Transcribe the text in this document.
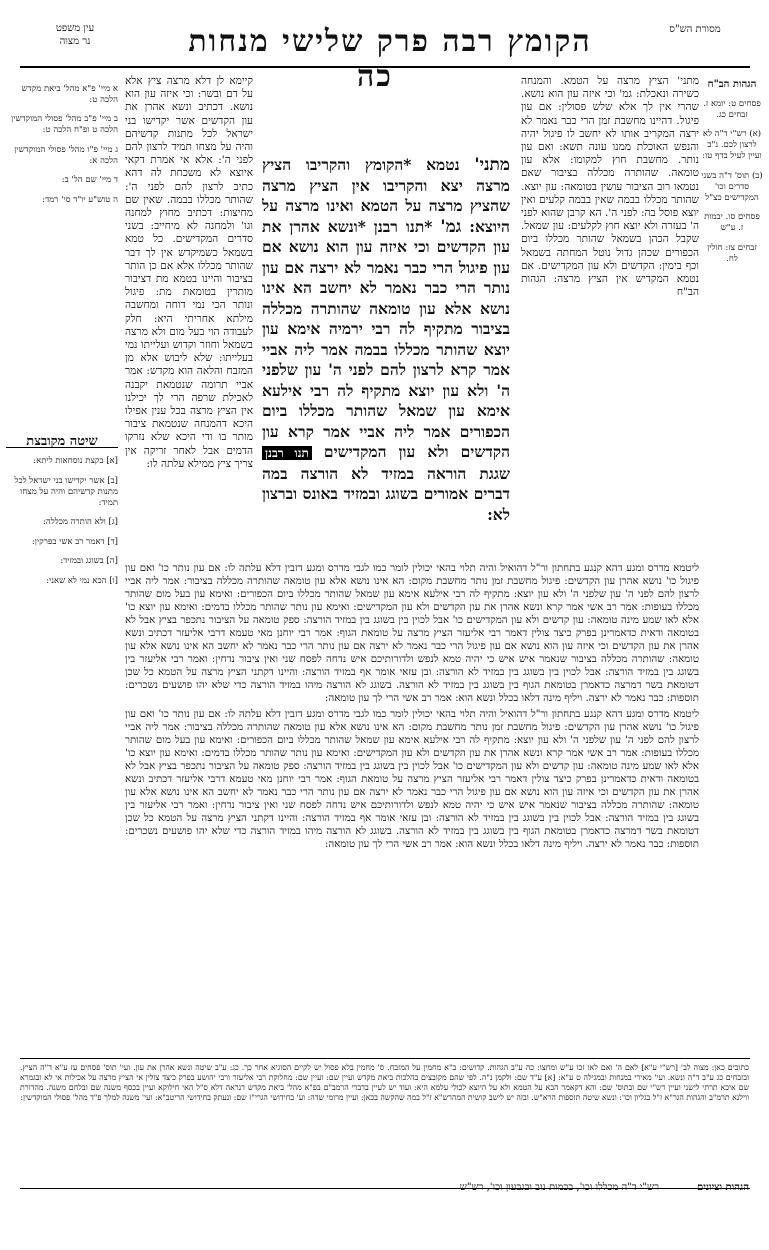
עין משפט
נר מצוה	הקומץ רבה פרק שלישי מנחות כה
מסורת הש"ס
הגהות הב"ח

פסחים ט: יומא ז. זבחים כג.

(א) רש"י ד"ה לא לרצון לכם. נ"ב ועיין לעיל בדף טו:

(ב) תוס' ד"ה בשני סדרים וכו' המקדישים כצ"ל

פסחים סו. יבמות ז. ע"ש

זבחים צז: חולין לח.

מתני' הציץ מרצה על הטמא. והמנחה כשירה ונאכלת: גמ' וכי איזה עון הוא נושא. שהרי אין לך אלא שלש פסולין: אם עון פיגול. דהיינו מחשבת זמן הרי כבר נאמר לא ירצה המקריב אותו לא יחשב לו פיגול יהיה והנפש האוכלת ממנו עונה תשא: ואם עון נותר. מחשבת חוץ למקומו: אלא עון טומאה. שהותרה מכללה בציבור שאם נטמאו רוב הציבור עושין בטומאה: עון יוצא. שהותר מכללו בבמה שאין בבמה קלעים ואין יוצא פוסל בה: לפני ה'. הא קרבן שהוא לפני ה' בעזרה ולא יוצא חוץ לקלעים: עון שמאל. שקבל הכהן בשמאל שהותר מכללו ביום הכפורים שכהן גדול נוטל המחתה בשמאל וכף בימין: הקדשים ולא עון המקדישים. אם נטמא המקדיש אין הציץ מרצה: הגהות הב"ח

מתני' נטמא *הקומץ והקריבו הציץ מרצה יצא והקריבו אין הציץ מרצה שהציץ מרצה על הטמא ואינו מרצה על היוצא: גמ' *תנו רבנן *ונשא אהרן את עון הקדשים וכי איזה עון הוא נושא אם עון פיגול הרי כבר נאמר לא ירצה אם עון נותר הרי כבר נאמר לא יחשב הא אינו נושא אלא עון טומאה שהותרה מכללה בציבור מתקיף לה רבי ירמיה אימא עון יוצא שהותר מכללו בבמה אמר ליה אביי אמר קרא לרצון להם לפני ה' עון שלפני ה' ולא עון יוצא מתקיף לה רבי אילעא אימא עון שמאל שהותר מכללו ביום הכפורים אמר ליה אביי אמר קרא עון הקדשים ולא עון המקדישים תנו רבנן שגגת הוראה במזיד לא הורצה במה דברים אמורים בשוגג ובמזיד באונס וברצון לא:

קיימא לן דלא מרצה ציץ אלא על דם ובשר: וכי איזה עון הוא נושא. דכתיב ונשא אהרן את עון הקדשים אשר יקדישו בני ישראל לכל מתנות קדשיהם והיה על מצחו תמיד לרצון להם לפני ה': אלא אי אמרת דקאי איוצא לא משכחת לה דהא כתיב לרצון להם לפני ה': שהותר מכללו בבמה. שאין שם מחיצות: דכתיב מחוץ למחנה וגו' ולמחנה לא מיחייב: בשני סדרים המקדישים. כל טמא בשמאל כשמיקדש אין לך דבר שהותר מכללו אלא אם כן הותר בציבור והיינו בטמא מת דציבור מותרין בטומאת מת: פיגול ונותר הכי נמי דוחה ומחשבה מילתא אחריתי היא: חלק לעבודה הוי בעל מום ולא מרצה בשמאל וחוזר וקדוש ועלייתו נמי בעלייתו: שלא ליבוש אלא מן המזבח והלאה הוא מקדש: אמר אביי תרומה שנטמאת יקבנה לאכילת שרפה הרי לך יכילנו אין הציץ מרצה בכל ענין אפילו היכא דהמנחה שנטמאת ציבור מותר בו ודי היכא שלא נזרקו הדמים אבל לאחר זריקה אין צריך ציץ ממילא עלתה לו:

א מיי' פ"א מהל' ביאת מקדש הלכה ט:

ב מיי' פ"ב מהל' פסולי המוקדשין הלכה ט ופ"ח הלכה ט:

ג מיי' פ"ו מהל' פסולי המוקדשין הלכה א:

ד מיי' שם הל' ב:

ה טוש"ע יו"ד סי' רמד:

שיטה מקובצת

[א] בקצת נוסחאות ליתא:

[ב] אשר יקדישו בני ישראל לכל מתנות קדשיהם והיה על מצחו תמיד:

[ג] ולא הותרה מכללה:

[ד] דאמר רב אשי בפרקין:

[ה] בשוגג ובמזיד:

[ו] הכא נמי לא שאני:

ליטמא מדרס ומגע דהא קנגע בתחתון ור"ל דהואיל והיה תלוי בהאי יכולין לומר כמו לגבי מדרס ומגע דזבין דלא עלתה לו: אם עון נותר כו' ואם עון פיגול כו' נושא אהרן עון הקדשים: פיגול מחשבת זמן נותר מחשבת מקום: הא אינו נושא אלא עון טומאה שהותרה מכללה בציבור: אמר ליה אביי לרצון להם לפני ה' עון שלפני ה' ולא עון יוצא: מתקיף לה רבי אילעא אימא עון שמאל שהותר מכללו ביום הכפורים: ואימא עון בעל מום שהותר מכללו בעופות: אמר רב אשי אמר קרא ונשא אהרן את עון הקדשים ולא עון המקדישים: ואימא עון נותר שהותר מכללו בדמים: ואימא עון יוצא כו' אלא לאו שמע מינה טומאה: עון קדשים ולא עון המקדישים כו' אבל לכוין בין בשוגג בין במזיד הורצה: ספק טומאה על הציבור נתכפר בציץ אבל לא בטומאה ודאית כדאמרינן בפרק כיצד צולין דאמר רבי אליעזר הציץ מרצה על טומאת הגוף: אמר רבי יוחנן מאי טעמא דרבי אליעזר דכתיב ונשא אהרן את עון הקדשים וכי איזה עון הוא נושא אם עון פיגול הרי כבר נאמר לא ירצה אם עון נותר הרי כבר נאמר לא יחשב הא אינו נושא אלא עון טומאה: שהותרה מכללה בציבור שנאמר איש איש כי יהיה טמא לנפש ולדורותיכם איש נדחה לפסח שני ואין ציבור נדחין: ואמר רבי אליעזר בין בשוגג בין במזיד הורצה: אבל לכוין בין בשוגג בין במזיד לא הורצה: ובן עזאי אומר אף במזיד הורצה: והיינו דקתני הציץ מרצה על הטמא כל שכן דטומאת בשר דמרצה כדאמרן בטומאת הגוף בין בשוגג בין במזיד לא הורצה. בשוגג לא הורצה מיהו במזיד הורצה כדי שלא יהו פושעים נשכרים: תוספות: כבר נאמר לא ירצה. ויליף מינה דלאו בכלל ונשא הוא: אמר רב אשי הרי לך עון טומאה:

ליטמא מדרס ומגע דהא קנגע בתחתון ור"ל דהואיל והיה תלוי בהאי יכולין לומר כמו לגבי מדרס ומגע דזבין דלא עלתה לו: אם עון נותר כו' ואם עון פיגול כו' נושא אהרן עון הקדשים: פיגול מחשבת זמן נותר מחשבת מקום: הא אינו נושא אלא עון טומאה שהותרה מכללה בציבור: אמר ליה אביי לרצון להם לפני ה' עון שלפני ה' ולא עון יוצא: מתקיף לה רבי אילעא אימא עון שמאל שהותר מכללו ביום הכפורים: ואימא עון בעל מום שהותר מכללו בעופות: אמר רב אשי אמר קרא ונשא אהרן את עון הקדשים ולא עון המקדישים: ואימא עון נותר שהותר מכללו בדמים: ואימא עון יוצא כו' אלא לאו שמע מינה טומאה: עון קדשים ולא עון המקדישים כו' אבל לכוין בין בשוגג בין במזיד הורצה: ספק טומאה על הציבור נתכפר בציץ אבל לא בטומאה ודאית כדאמרינן בפרק כיצד צולין דאמר רבי אליעזר הציץ מרצה על טומאת הגוף: אמר רבי יוחנן מאי טעמא דרבי אליעזר דכתיב ונשא אהרן את עון הקדשים וכי איזה עון הוא נושא אם עון פיגול הרי כבר נאמר לא ירצה אם עון נותר הרי כבר נאמר לא יחשב הא אינו נושא אלא עון טומאה: שהותרה מכללה בציבור שנאמר איש איש כי יהיה טמא לנפש ולדורותיכם איש נדחה לפסח שני ואין ציבור נדחין: ואמר רבי אליעזר בין בשוגג בין במזיד הורצה: אבל לכוין בין בשוגג בין במזיד לא הורצה: ובן עזאי אומר אף במזיד הורצה: והיינו דקתני הציץ מרצה על הטמא כל שכן דטומאת בשר דמרצה כדאמרן בטומאת הגוף בין בשוגג בין במזיד לא הורצה. בשוגג לא הורצה מיהו במזיד הורצה כדי שלא יהו פושעים נשכרים: תוספות: כבר נאמר לא ירצה. ויליף מינה דלאו בכלל ונשא הוא: אמר רב אשי הרי לך עון טומאה:

כתובים כאן: מצוה לב' [רש"י ע"א] לאם ה' ואם לאו זכו ע"ש ומחצו: כה ע"ב הגהות. קדושים: ב"א מחמין על המזבח. ס' מחמין בלא פסול יש לקיים הסוגיא אחר כך. כג: ע"ב שיטה ונשא אהרן את עון. ועי' תוס' פסחים עז ע"א ד"ה הציץ. ובזבחים כג ע"ב ד"ה ונשא. ועי' מאירי במנחות ובמגילה ט ע"א: [א] ע"ד שם: ולקמן נ"ה. לפי שהם מקובצים בהלכות ביאת מקדש ועיין שם: ועיין שם: מחלוקת רבי אליעזר ורבי יהושע בפרק כיצד צולין אי הציץ מרצה על אכילות אי לא ובגמרא שם איכא תרתי לישני ועיין רש"י שם ובתוס' שם: והא דקאמר הכא על הטמא ולא על היוצא לכולי עלמא היא: ועוד יש לעיין בדברי הרמב"ם בפ"א מהל' ביאת מקדש דנראה דלא ס"ל האי חילוקא ועיין בכסף משנה שם ובלחם משנה. מהדורת ווילנא תרמ"ב והגהות הגר"א ז"ל בגליון וכו': ונשא שיטה תוספות הרא"ש. ובזה יש לישב קושית המהרש"א ז"ל במה שהקשה בכאן: ועיין מרומי שדה: וע' בחידושי הגרי"ז שם: ונעתק בחידושי הריטב"א: ועי' משנה למלך פ"ד מהל' פסולי המוקדשין:
הגהות וציונים
רש"י ד"ה מכללו וכו', בכמות נוב ובגבעון וכו', רש"ש
